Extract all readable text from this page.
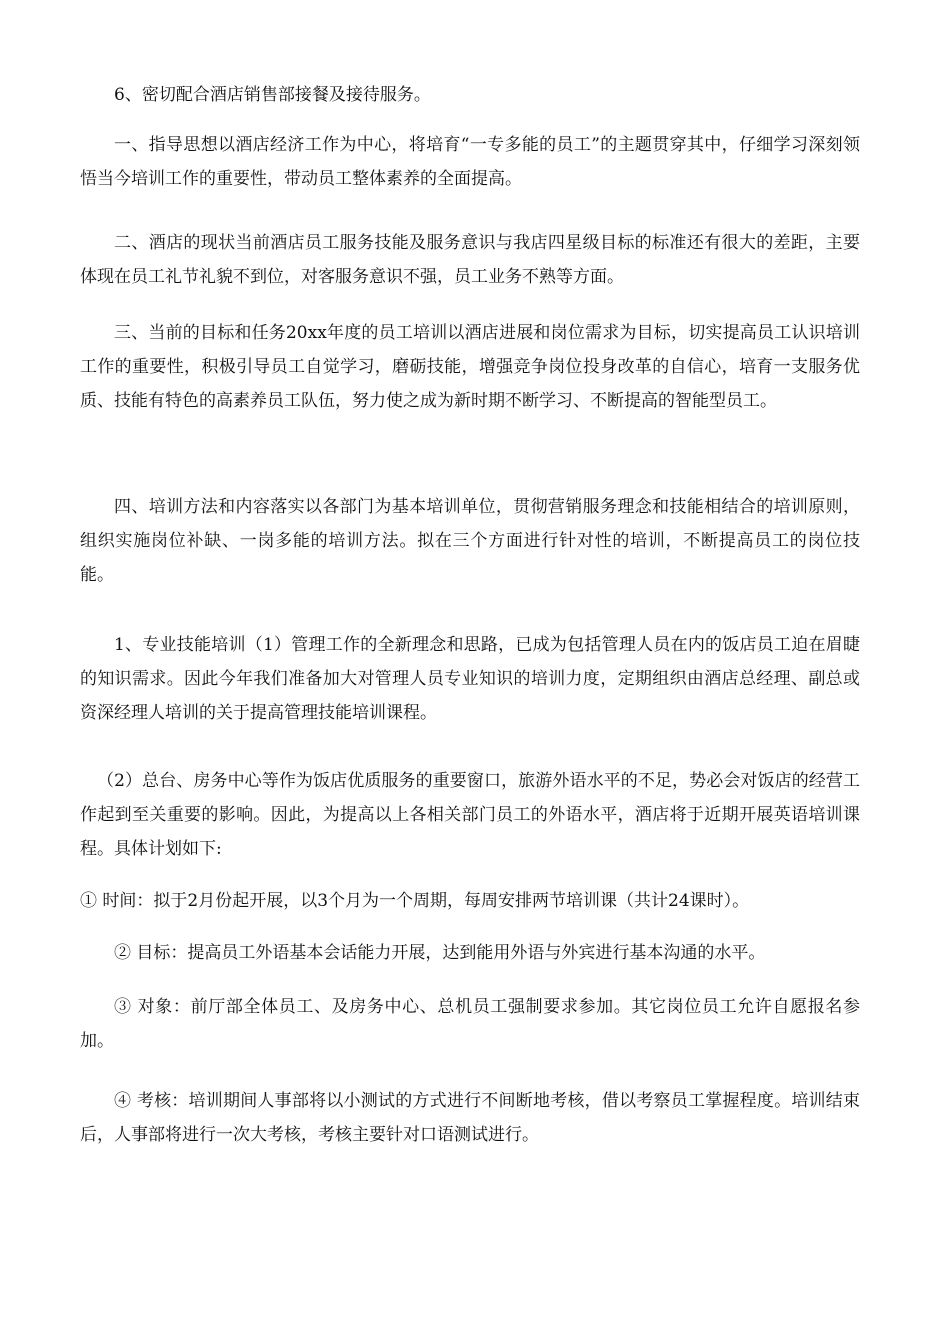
6、密切配合酒店销售部接餐及接待服务。

一、指导思想以酒店经济工作为中心，将培育“一专多能的员工”的主题贯穿其中，仔细学习深刻领悟当今培训工作的重要性，带动员工整体素养的全面提高。

二、酒店的现状当前酒店员工服务技能及服务意识与我店四星级目标的标准还有很大的差距，主要体现在员工礼节礼貌不到位，对客服务意识不强，员工业务不熟等方面。

三、当前的目标和任务20xx年度的员工培训以酒店进展和岗位需求为目标，切实提高员工认识培训工作的重要性，积极引导员工自觉学习，磨砺技能，增强竞争岗位投身改革的自信心，培育一支服务优质、技能有特色的高素养员工队伍，努力使之成为新时期不断学习、不断提高的智能型员工。

四、培训方法和内容落实以各部门为基本培训单位，贯彻营销服务理念和技能相结合的培训原则，组织实施岗位补缺、一岗多能的培训方法。拟在三个方面进行针对性的培训，不断提高员工的岗位技能。

1、专业技能培训（1）管理工作的全新理念和思路，已成为包括管理人员在内的饭店员工迫在眉睫的知识需求。因此今年我们准备加大对管理人员专业知识的培训力度，定期组织由酒店总经理、副总或资深经理人培训的关于提高管理技能培训课程。

（2）总台、房务中心等作为饭店优质服务的重要窗口，旅游外语水平的不足，势必会对饭店的经营工作起到至关重要的影响。因此，为提高以上各相关部门员工的外语水平，酒店将于近期开展英语培训课程。具体计划如下:

① 时间：拟于2月份起开展，以3个月为一个周期，每周安排两节培训课（共计24课时）。

② 目标：提高员工外语基本会话能力开展，达到能用外语与外宾进行基本沟通的水平。

③ 对象：前厅部全体员工、及房务中心、总机员工强制要求参加。其它岗位员工允许自愿报名参加。

④ 考核：培训期间人事部将以小测试的方式进行不间断地考核，借以考察员工掌握程度。培训结束后，人事部将进行一次大考核，考核主要针对口语测试进行。
